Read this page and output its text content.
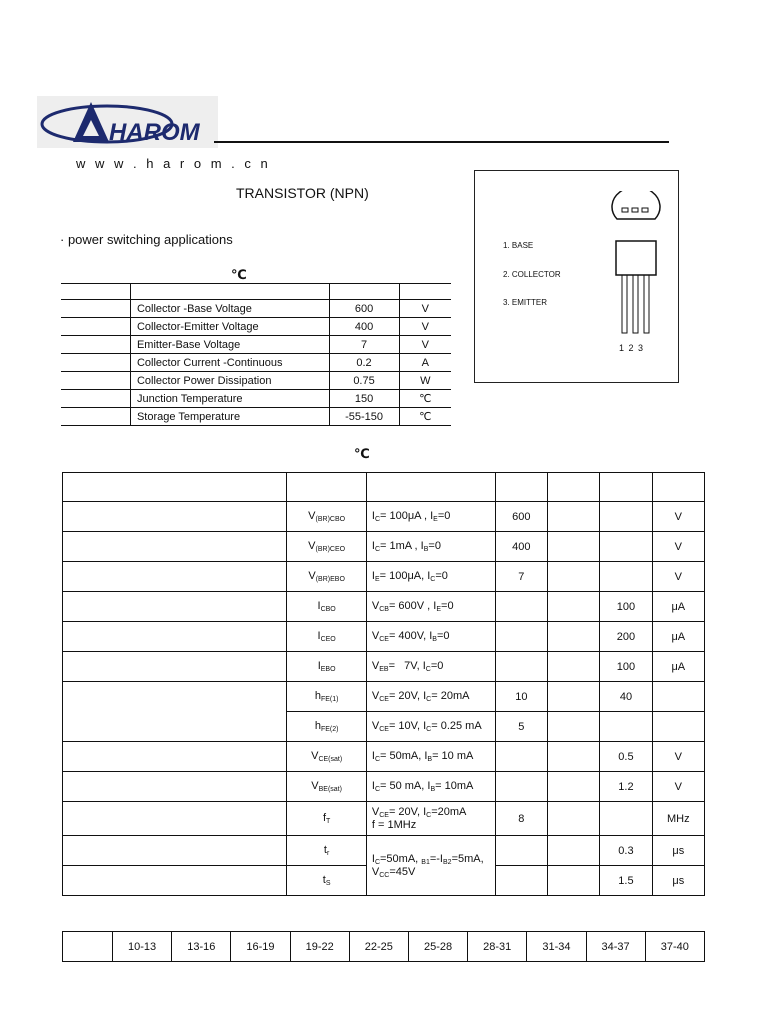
HAROM
w w w . h a r o m . c n
TRANSISTOR (NPN)
· power switching applications	1. BASE
2. COLLECTOR
3. EMITTER
1 2 3
℃

	Collector -Base Voltage	600	V
	Collector-Emitter Voltage	400	V
	Emitter-Base Voltage	7	V
	Collector Current -Continuous	0.2	A
	Collector Power Dissipation	0.75	W
	Junction Temperature	150	℃
	Storage Temperature	-55-150	℃
℃

	$V_{(BR)CBO}$	$I_C= 100\mu A$ , $I_E=0$	600			V
	$V_{(BR)CEO}$	$I_C= 1mA$ , $I_B=0$	400			V
	$V_{(BR)EBO}$	$I_E= 100\mu A$, $I_C=0$	7			V
	$I_{CBO}$	$V_{CB}= 600V$ , $I_E=0$			100	μA
	$I_{CEO}$	$V_{CE}= 400V$, $I_B=0$			200	μA
	$I_{EBO}$	$V_{EB}= 7V$, $I_C=0$			100	μA
	$h_{FE(1)}$	$V_{CE}= 20V$, $I_C= 20mA$	10		40	
	$h_{FE(2)}$	$V_{CE}= 10V$, $I_C= 0.25$ mA	5			
	$V_{CE(sat)}$	$I_C= 50mA$, $I_B= 10$ mA			0.5	V
	$V_{BE(sat)}$	$I_C= 50$ mA, $I_B= 10mA$			1.2	V
	$f_T$	$V_{CE}= 20V$, $I_C=20mA$
f = 1MHz	8			MHz
	$t_r$	$I_C=50mA$, $_{B1}=-I_{B2}=5mA$,
$V_{CC}=45V$			0.3	μs
	$t_S$				1.5	μs
	10-13	13-16	16-19	19-22	22-25	25-28	28-31	31-34	34-37	37-40
